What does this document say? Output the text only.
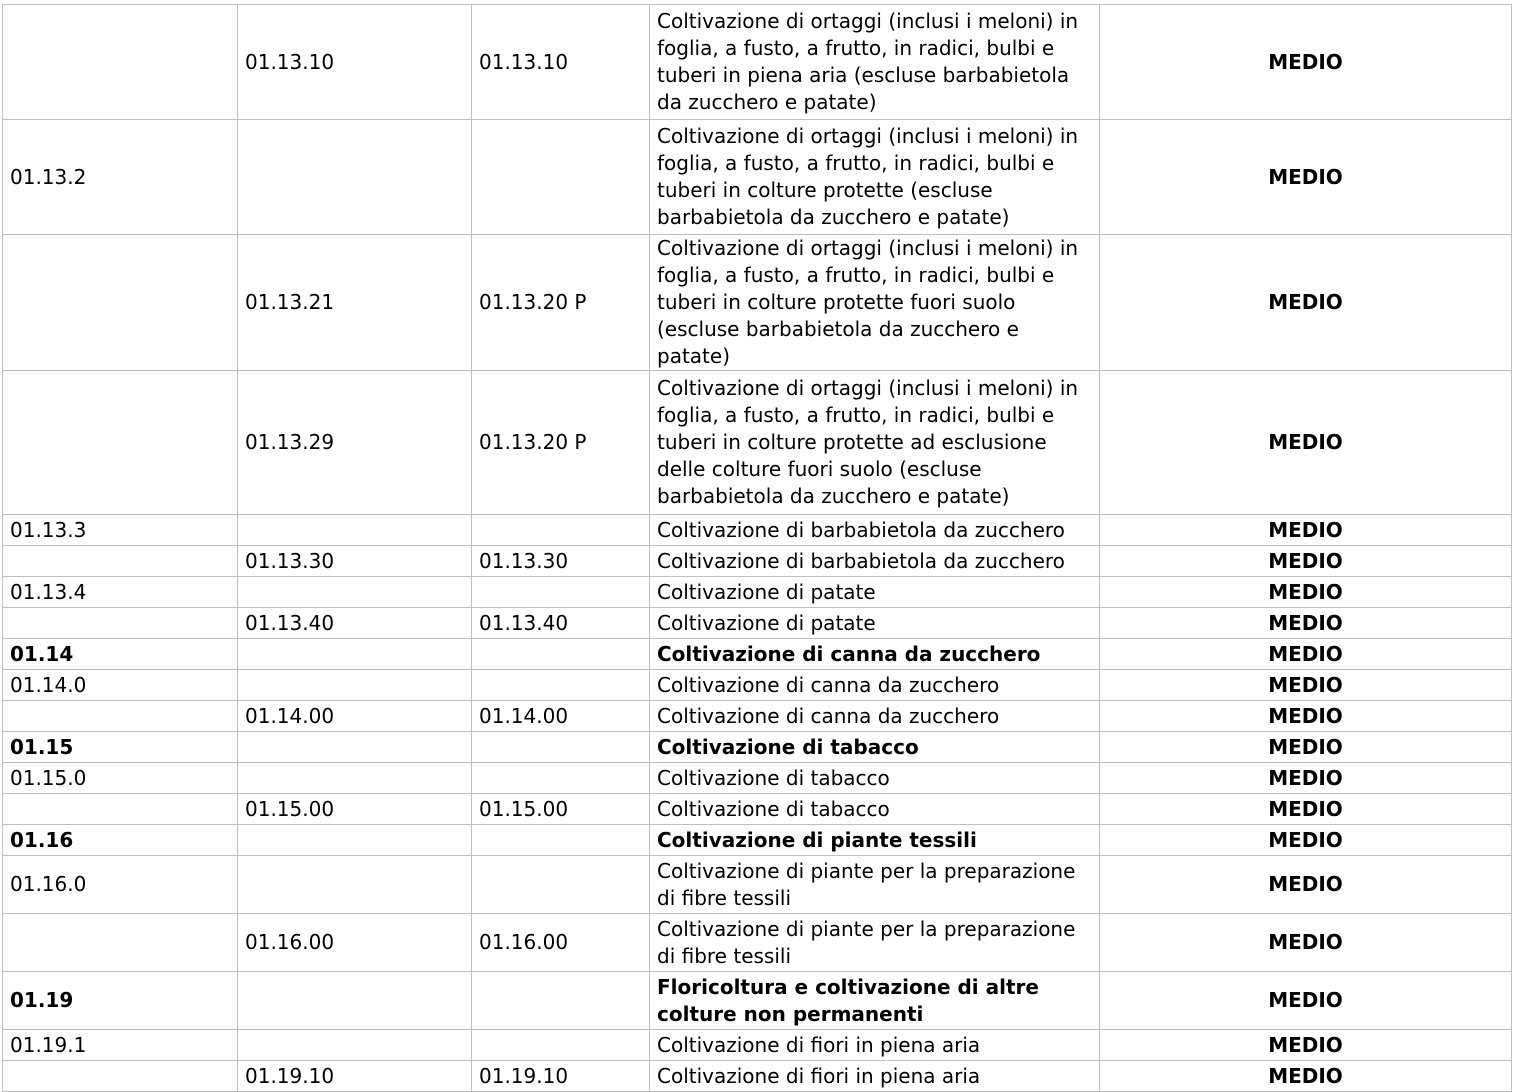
	01.13.10	01.13.10	Coltivazione di ortaggi (inclusi i meloni) in foglia, a fusto, a frutto, in radici, bulbi e tuberi in piena aria (escluse barbabietola da zucchero e patate)	MEDIO
01.13.2			Coltivazione di ortaggi (inclusi i meloni) in foglia, a fusto, a frutto, in radici, bulbi e tuberi in colture protette (escluse barbabietola da zucchero e patate)	MEDIO
	01.13.21	01.13.20 P	Coltivazione di ortaggi (inclusi i meloni) in foglia, a fusto, a frutto, in radici, bulbi e tuberi in colture protette fuori suolo (escluse barbabietola da zucchero e patate)	MEDIO
	01.13.29	01.13.20 P	Coltivazione di ortaggi (inclusi i meloni) in foglia, a fusto, a frutto, in radici, bulbi e tuberi in colture protette ad esclusione delle colture fuori suolo (escluse barbabietola da zucchero e patate)	MEDIO
01.13.3			Coltivazione di barbabietola da zucchero	MEDIO
	01.13.30	01.13.30	Coltivazione di barbabietola da zucchero	MEDIO
01.13.4			Coltivazione di patate	MEDIO
	01.13.40	01.13.40	Coltivazione di patate	MEDIO
01.14			Coltivazione di canna da zucchero	MEDIO
01.14.0			Coltivazione di canna da zucchero	MEDIO
	01.14.00	01.14.00	Coltivazione di canna da zucchero	MEDIO
01.15			Coltivazione di tabacco	MEDIO
01.15.0			Coltivazione di tabacco	MEDIO
	01.15.00	01.15.00	Coltivazione di tabacco	MEDIO
01.16			Coltivazione di piante tessili	MEDIO
01.16.0			Coltivazione di piante per la preparazione di fibre tessili	MEDIO
	01.16.00	01.16.00	Coltivazione di piante per la preparazione di fibre tessili	MEDIO
01.19			Floricoltura e coltivazione di altre colture non permanenti	MEDIO
01.19.1			Coltivazione di fiori in piena aria	MEDIO
	01.19.10	01.19.10	Coltivazione di fiori in piena aria	MEDIO
